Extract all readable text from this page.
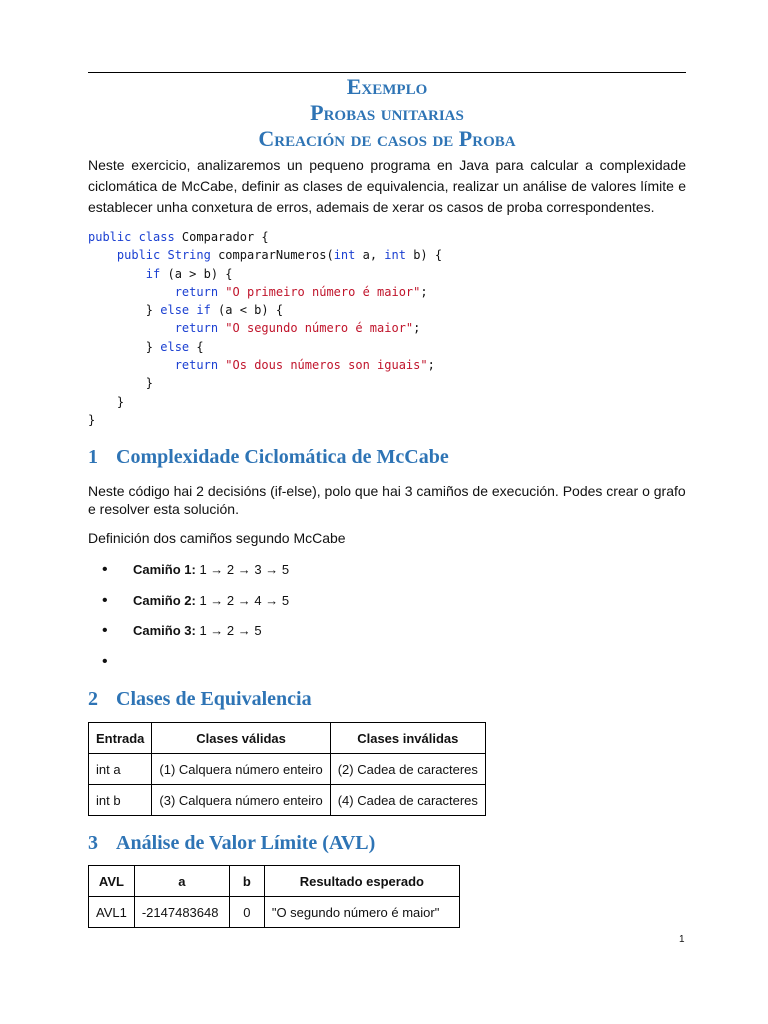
Exemplo
Probas unitarias
Creación de casos de Proba
Neste exercicio, analizaremos un pequeno programa en Java para calcular a complexidade ciclomática de McCabe, definir as clases de equivalencia, realizar un análise de valores límite e establecer unha conxetura de erros, ademais de xerar os casos de proba correspondentes.
public class Comparador {
public String compararNumeros(int a, int b) {
if (a > b) {
return "O primeiro número é maior";
} else if (a < b) {
return "O segundo número é maior";
} else {
return "Os dous números son iguais";
}
}
}
1 Complexidade Ciclomática de McCabe
Neste código hai 2 decisións (if-else), polo que hai 3 camiños de execución. Podes crear o grafo e resolver esta solución.
Definición dos camiños segundo McCabe
• Camiño 1: 1 → 2 → 3 → 5
• Camiño 2: 1 → 2 → 4 → 5
• Camiño 3: 1 → 2 → 5
•
2 Clases de Equivalencia
Entrada	Clases válidas	Clases inválidas
int a	(1) Calquera número enteiro	(2) Cadea de caracteres
int b	(3) Calquera número enteiro	(4) Cadea de caracteres
3 Análise de Valor Límite (AVL)
AVL	a	b	Resultado esperado
AVL1	-2147483648	0	"O segundo número é maior"
1
